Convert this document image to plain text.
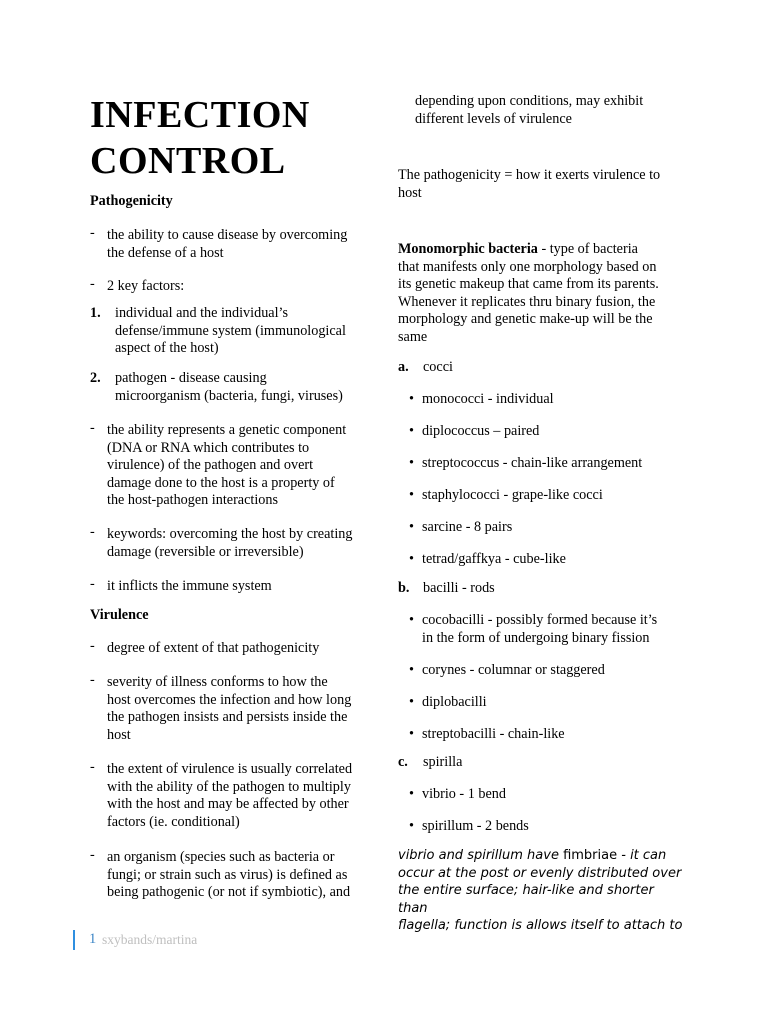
INFECTION
CONTROL
Pathogenicity
- the ability to cause disease by overcoming
the defense of a host
- 2 key factors:
1. individual and the individual’s
defense/immune system (immunological
aspect of the host)
2. pathogen - disease causing
microorganism (bacteria, fungi, viruses)
- the ability represents a genetic component
(DNA or RNA which contributes to
virulence) of the pathogen and overt
damage done to the host is a property of
the host-pathogen interactions
- keywords: overcoming the host by creating
damage (reversible or irreversible)
- it inflicts the immune system
Virulence
- degree of extent of that pathogenicity
- severity of illness conforms to how the
host overcomes the infection and how long
the pathogen insists and persists inside the
host
- the extent of virulence is usually correlated
with the ability of the pathogen to multiply
with the host and may be affected by other
factors (ie. conditional)
- an organism (species such as bacteria or
fungi; or strain such as virus) is defined as
being pathogenic (or not if symbiotic), and
depending upon conditions, may exhibit
different levels of virulence
The pathogenicity = how it exerts virulence to
host
Monomorphic bacteria - type of bacteria
that manifests only one morphology based on
its genetic makeup that came from its parents.
Whenever it replicates thru binary fusion, the
morphology and genetic make-up will be the
same
a. cocci
• monococci - individual
• diplococcus – paired
• streptococcus - chain-like arrangement
• staphylococci - grape-like cocci
• sarcine - 8 pairs
• tetrad/gaffkya - cube-like
b. bacilli - rods
• cocobacilli - possibly formed because it’s
in the form of undergoing binary fission
• corynes - columnar or staggered
• diplobacilli
• streptobacilli - chain-like
c. spirilla
• vibrio - 1 bend
• spirillum - 2 bends
vibrio and spirillum have fimbriae - it can
occur at the post or evenly distributed over
the entire surface; hair-like and shorter than
flagella; function is allows itself to attach to
1 sxybands/martina
